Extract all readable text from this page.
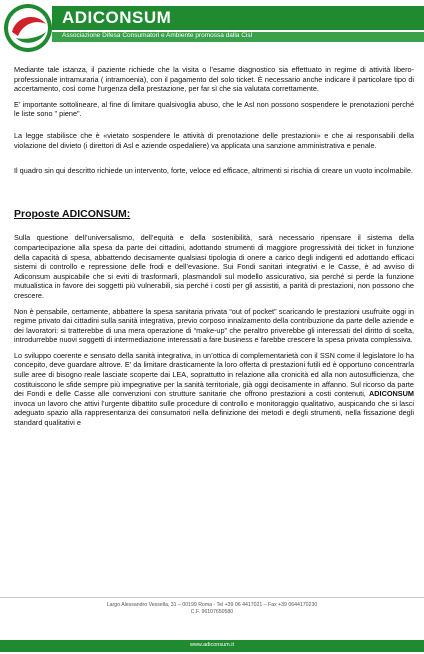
ADICONSUM
Associazione Difesa Consumatori e Ambiente promossa dalla Cisl

Mediante tale istanza, il paziente richiede che la visita o l’esame diagnostico sia effettuato in regime di attività libero-professionale intramuraria ( intramoenia), con il pagamento del solo ticket. È necessario anche indicare il particolare tipo di accertamento, così come l’urgenza della prestazione, per far sì che sia valutata correttamente.

E’ importante sottolineare, al fine di limitare qualsivoglia abuso, che le Asl non possono sospendere le prenotazioni perché le liste sono " piene".

La legge stabilisce che è «vietato sospendere le attività di prenotazione delle prestazioni» e che ai responsabili della violazione del divieto (i direttori di Asl e aziende ospedaliere) va applicata una sanzione amministrativa e penale.

Il quadro sin qui descritto richiede un intervento, forte, veloce ed efficace, altrimenti si rischia di creare un vuoto incolmabile.

Proposte ADICONSUM:

Sulla questione dell’universalismo, dell’equità e della sostenibilità, sarà necessario ripensare il sistema della compartecipazione alla spesa da parte dei cittadini, adottando strumenti di maggiore progressività dei ticket in funzione della capacità di spesa, abbattendo decisamente qualsiasi tipologia di onere a carico degli indigenti ed adottando efficaci sistemi di controllo e repressione delle frodi e dell’evasione. Sui Fondi sanitari integrativi e le Casse, è ad avviso di Adiconsum auspicabile che si eviti di trasformarli, plasmandoli sul modello assicurativo, sia perché si perde la funzione mutualistica in favore dei soggetti più vulnerabili, sia perché i costi per gli assistiti, a parità di prestazioni, non possono che crescere.

Non è pensabile, certamente, abbattere la spesa sanitaria privata “out of pocket” scaricando le prestazioni usufruite oggi in regime privato dai cittadini sulla sanità integrativa, previo corposo innalzamento della contribuzione da parte delle aziende e dei lavoratori: si tratterebbe di una mera operazione di “make-up” che peraltro priverebbe gli interessati del diritto di scelta, introdurrebbe nuovi soggetti di intermediazione interessati a fare business e farebbe crescere la spesa privata complessiva.

Lo sviluppo coerente e sensato della sanità integrativa, in un’ottica di complementarietà con il SSN come il legislatore lo ha concepito, deve guardare altrove. E’ da limitare drasticamente la loro offerta di prestazioni futili ed è opportuno concentrarla sulle aree di bisogno reale lasciate scoperte dai LEA, soprattutto in relazione alla cronicità ed alla non autosufficienza, che costituiscono le sfide sempre più impegnative per la sanità territoriale, già oggi decisamente in affanno. Sul ricorso da parte dei Fondi e delle Casse alle convenzioni con strutture sanitarie che offrono prestazioni a costi contenuti, ADICONSUM invoca un lavoro che attivi l’urgente dibattito sulle procedure di controllo e monitoraggio qualitativo, auspicando che si lasci adeguato spazio alla rappresentanza dei consumatori nella definizione dei metodi e degli strumenti, nella fissazione degli standard qualitativi e

Largo Alessandro Vessella, 31 – 00199 Roma - Tel +39 06 4417021 – Fax +39 0644170230
C.F. 96107650580
www.adiconsum.it
